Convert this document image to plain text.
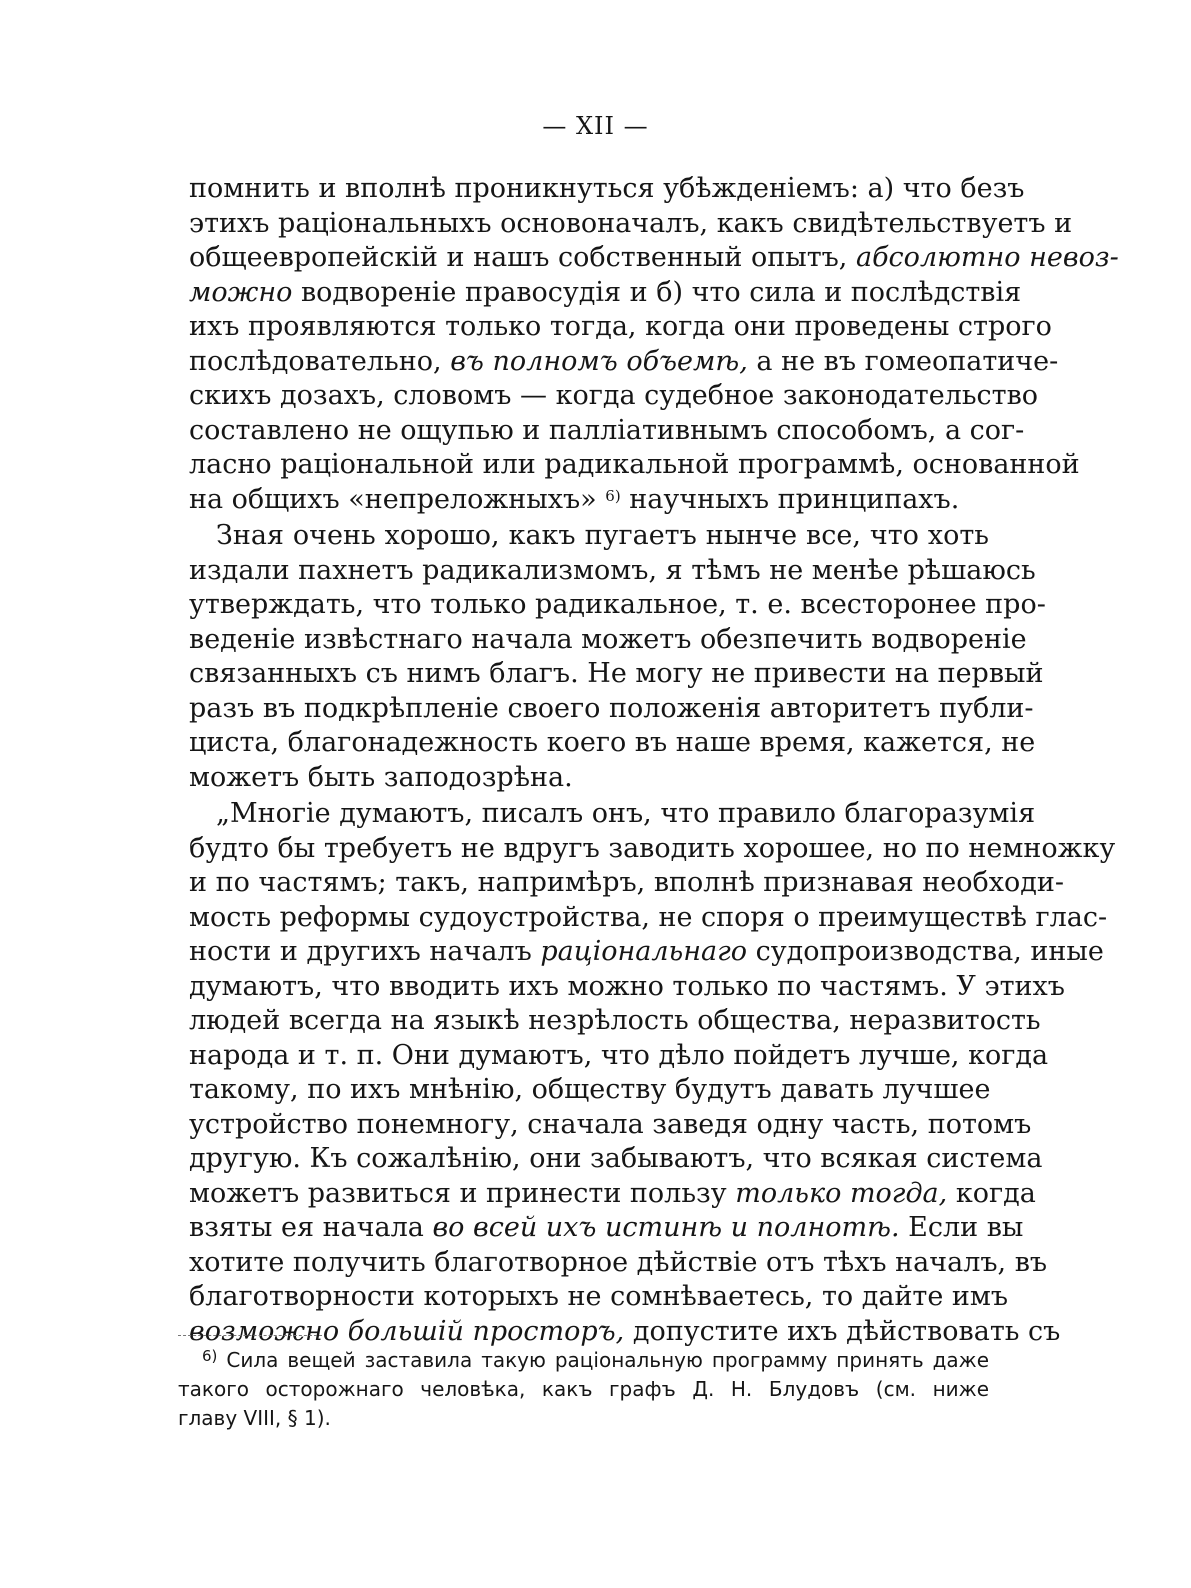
— XII —
помнить и вполнѣ проникнуться убѣжденіемъ: а) что безъ
этихъ раціональныхъ основоначалъ, какъ свидѣтельствуетъ и
общеевропейскій и нашъ собственный опытъ, абсолютно невоз-
можно водвореніе правосудія и б) что сила и послѣдствія
ихъ проявляются только тогда, когда они проведены строго
послѣдовательно, въ полномъ объемѣ, а не въ гомеопатиче-
скихъ дозахъ, словомъ — когда судебное законодательство
составлено не ощупью и палліативнымъ способомъ, а сог-
ласно раціональной или радикальной программѣ, основанной
на общихъ «непреложныхъ» $^{6)}$ научныхъ принципахъ.
Зная очень хорошо, какъ пугаетъ нынче все, что хоть
издали пахнетъ радикализмомъ, я тѣмъ не менѣе рѣшаюсь
утверждать, что только радикальное, т. е. всесторонее про-
веденіе извѣстнаго начала можетъ обезпечить водвореніе
связанныхъ съ нимъ благъ. Не могу не привести на первый
разъ въ подкрѣпленіе своего положенія авторитетъ публи-
циста, благонадежность коего въ наше время, кажется, не
можетъ быть заподозрѣна.
„Многіе думаютъ, писалъ онъ, что правило благоразумія
будто бы требуетъ не вдругъ заводить хорошее, но по немножку
и по частямъ; такъ, напримѣръ, вполнѣ признавая необходи-
мость реформы судоустройства, не споря о преимуществѣ глас-
ности и другихъ началъ раціональнаго судопроизводства, иные
думаютъ, что вводить ихъ можно только по частямъ. У этихъ
людей всегда на языкѣ незрѣлость общества, неразвитость
народа и т. п. Они думаютъ, что дѣло пойдетъ лучше, когда
такому, по ихъ мнѣнію, обществу будутъ давать лучшее
устройство понемногу, сначала заведя одну часть, потомъ
другую. Къ сожалѣнію, они забываютъ, что всякая система
можетъ развиться и принести пользу только тогда, когда
взяты ея начала во всей ихъ истинѣ и полнотѣ. Если вы
хотите получить благотворное дѣйствіе отъ тѣхъ началъ, въ
благотворности которыхъ не сомнѣваетесь, то дайте имъ
возможно большій просторъ, допустите ихъ дѣйствовать съ
$^{6)}$ Сила вещей заставила такую раціональную программу принять даже
такого осторожнаго человѣка, какъ графъ Д. Н. Блудовъ (см. ниже
главу VIII, § 1).
